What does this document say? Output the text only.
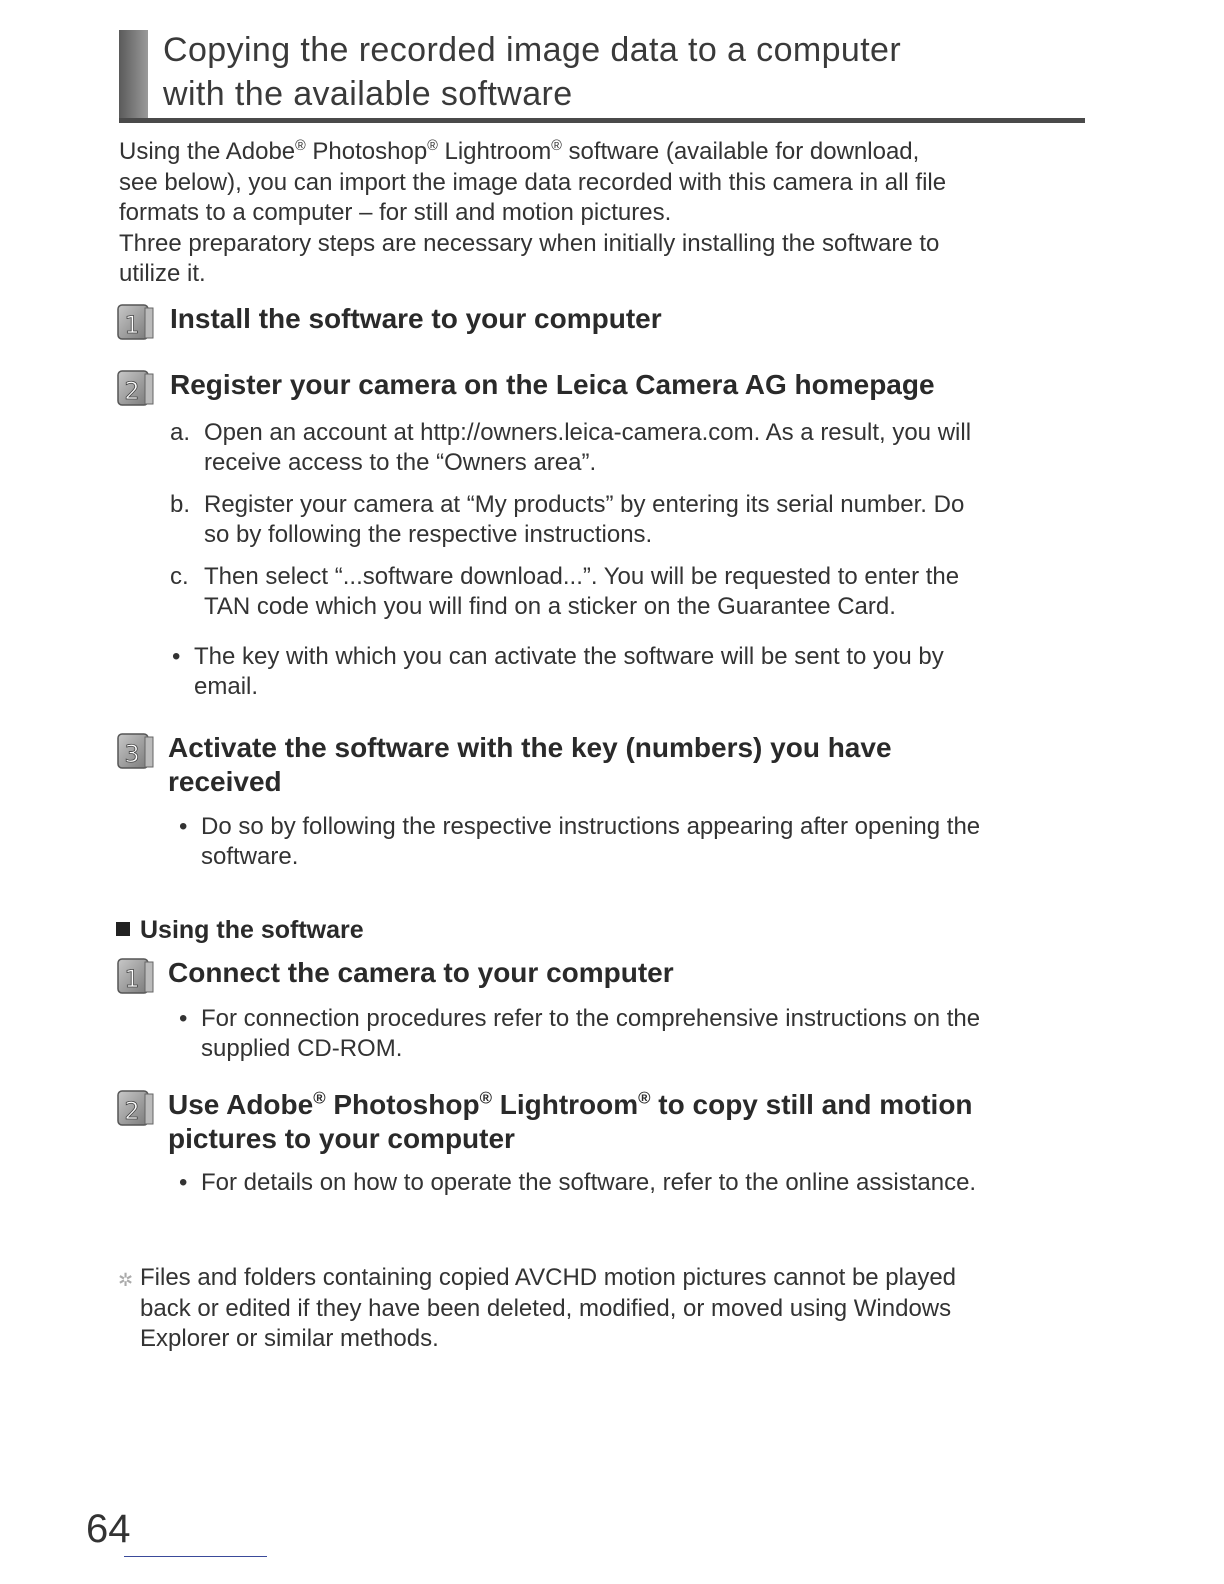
Copying the recorded image data to a computer
with the available software

Using the Adobe® Photoshop® Lightroom® software (available for download,
see below), you can import the image data recorded with this camera in all file
formats to a computer – for still and motion pictures.

Three preparatory steps are necessary when initially installing the software to
utilize it.

1 Install the software to your computer
2 Register your camera on the Leica Camera AG homepage

a. Open an account at http://owners.leica-camera.com. As a result, you will
receive access to the “Owners area”.

b. Register your camera at “My products” by entering its serial number. Do
so by following the respective instructions.

c. Then select “...software download...”. You will be requested to enter the
TAN code which you will find on a sticker on the Guarantee Card.

• The key with which you can activate the software will be sent to you by
email.

3 Activate the software with the key (numbers) you have
received

• Do so by following the respective instructions appearing after opening the
software.

Using the software
1 Connect the camera to your computer

• For connection procedures refer to the comprehensive instructions on the
supplied CD-ROM.

2 Use Adobe® Photoshop® Lightroom® to copy still and motion
pictures to your computer

• For details on how to operate the software, refer to the online assistance.

✲ Files and folders containing copied AVCHD motion pictures cannot be played
back or edited if they have been deleted, modified, or moved using Windows
Explorer or similar methods.

64
